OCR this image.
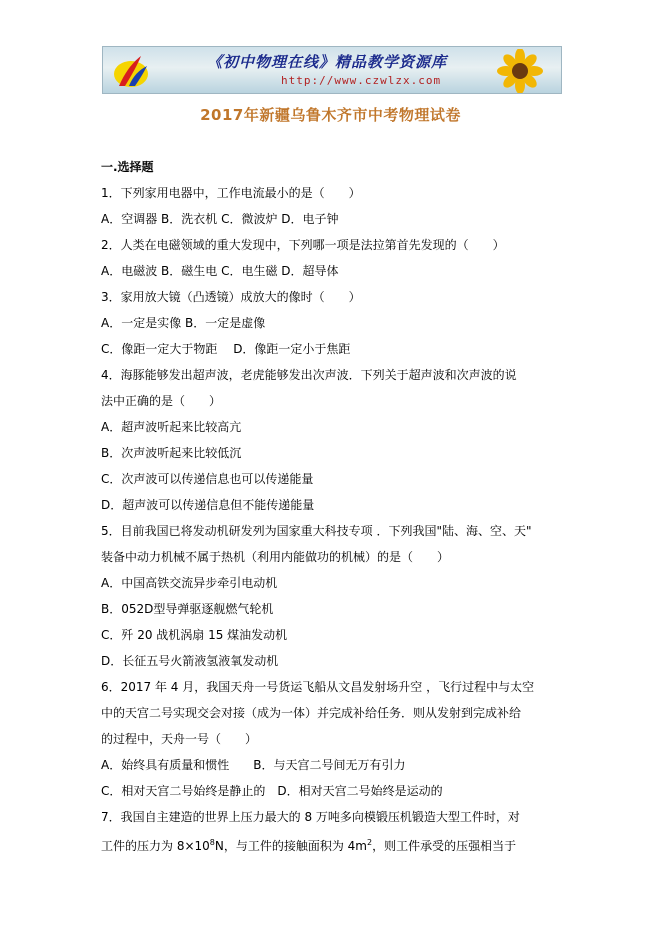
《初中物理在线》精品教学资源库
http://www.czwlzx.com
2017年新疆乌鲁木齐市中考物理试卷
一.选择题
1．下列家用电器中，工作电流最小的是（　　）
A．空调器 B．洗衣机 C．微波炉 D．电子钟
2．人类在电磁领域的重大发现中，下列哪一项是法拉第首先发现的（　　）
A．电磁波 B．磁生电 C．电生磁 D．超导体
3．家用放大镜（凸透镜）成放大的像时（　　）
A．一定是实像 B．一定是虚像
C．像距一定大于物距　 D．像距一定小于焦距
4．海豚能够发出超声波，老虎能够发出次声波．下列关于超声波和次声波的说
法中正确的是（　　）
A．超声波听起来比较高亢
B．次声波听起来比较低沉
C．次声波可以传递信息也可以传递能量
D．超声波可以传递信息但不能传递能量
5．目前我国已将发动机研发列为国家重大科技专项 ．下列我国"陆、海、空、天"
装备中动力机械不属于热机（利用内能做功的机械）的是（　　）
A．中国高铁交流异步牵引电动机
B．052D型导弹驱逐舰燃气轮机
C．歼 20 战机涡扇 15 煤油发动机
D．长征五号火箭液氢液氧发动机
6．2017 年 4 月，我国天舟一号货运飞船从文昌发射场升空 ，飞行过程中与太空
中的天宫二号实现交会对接（成为一体）并完成补给任务．则从发射到完成补给
的过程中，天舟一号（　　）
A．始终具有质量和惯性　　B．与天宫二号间无万有引力
C．相对天宫二号始终是静止的　D．相对天宫二号始终是运动的
7．我国自主建造的世界上压力最大的 8 万吨多向模锻压机锻造大型工件时，对
工件的压力为 $8\times 10^8N$，与工件的接触面积为 $4m^2$，则工件承受的压强相当于
